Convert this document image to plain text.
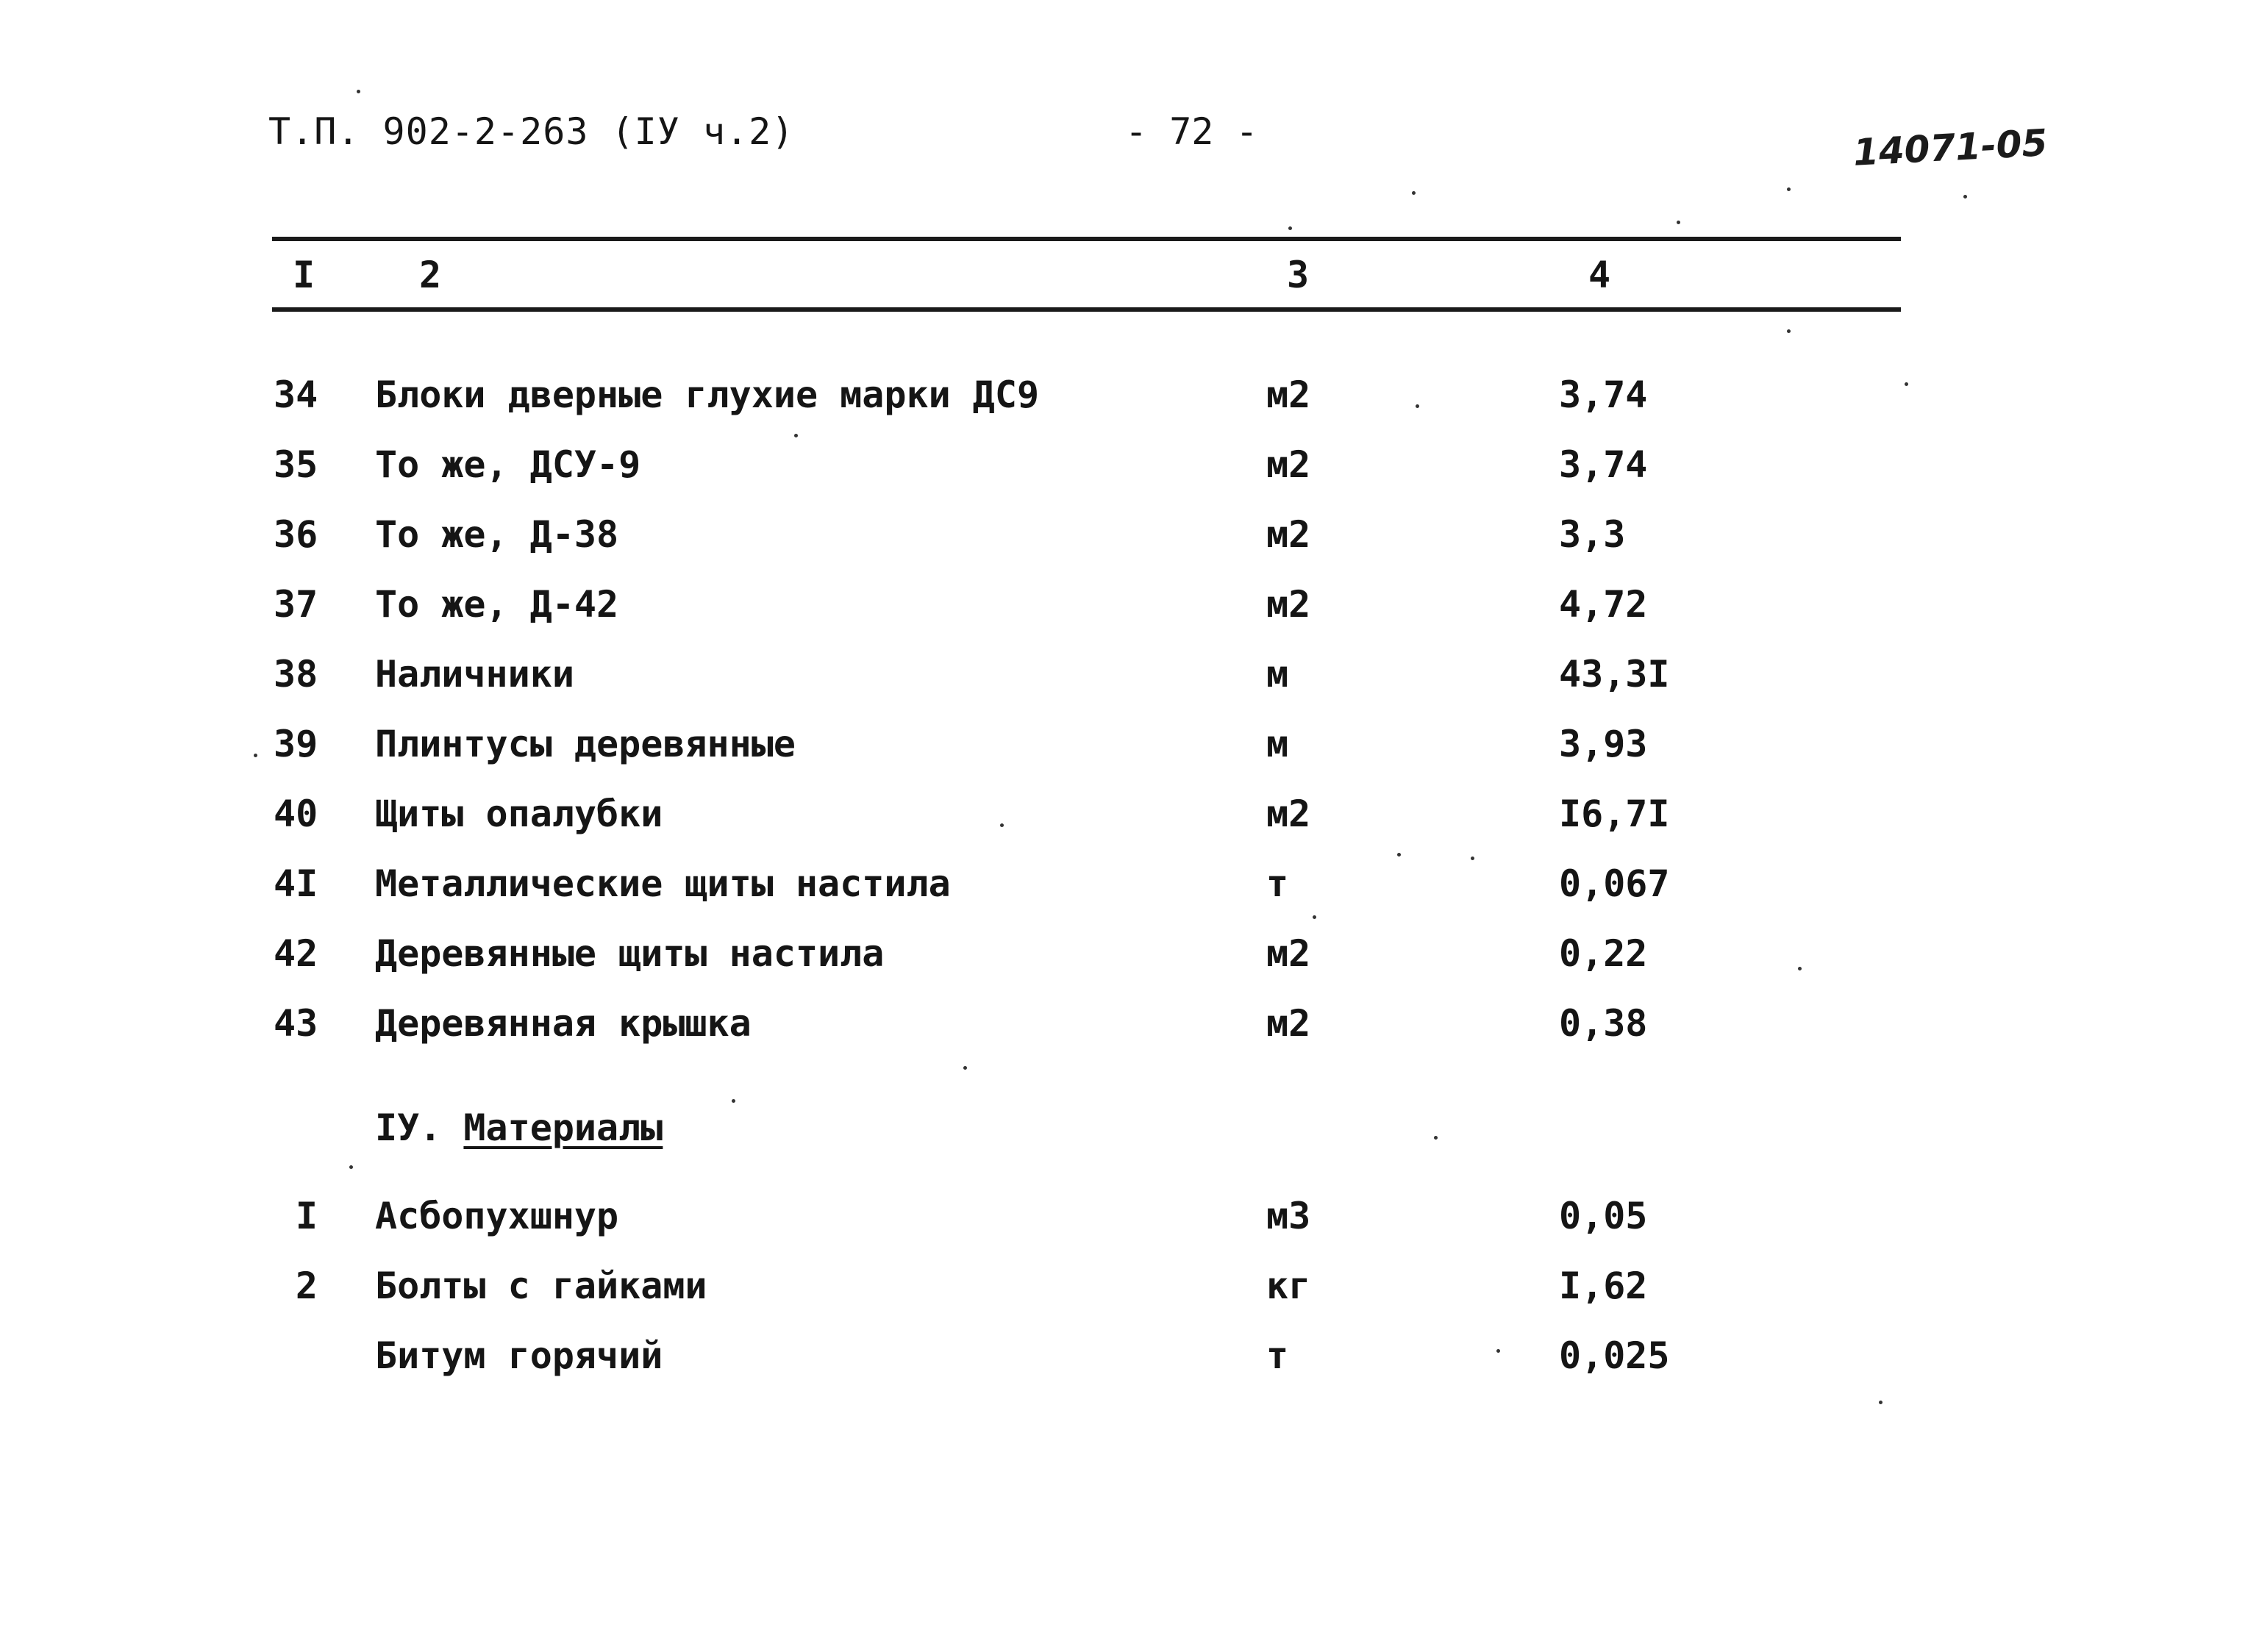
Т.П. 902-2-263 (IУ ч.2)	- 72 -	14071-05
I	2	3	4
34 Блоки дверные глухие марки ДС9	м2	3,74
35 То же, ДСУ-9	м2	3,74
36 То же, Д-38	м2	3,3
37 То же, Д-42	м2	4,72
38 Наличники	м	43,3I
39 Плинтусы деревянные	м	3,93
40 Щиты опалубки	м2	I6,7I
4I Металлические щиты настила	т	0,067
42 Деревянные щиты настила	м2	0,22
43 Деревянная крышка	м2	0,38
IУ. Материалы
I Асбопухшнур	м3	0,05
2 Болты с гайками	кг	I,62
Битум горячий	т	0,025
